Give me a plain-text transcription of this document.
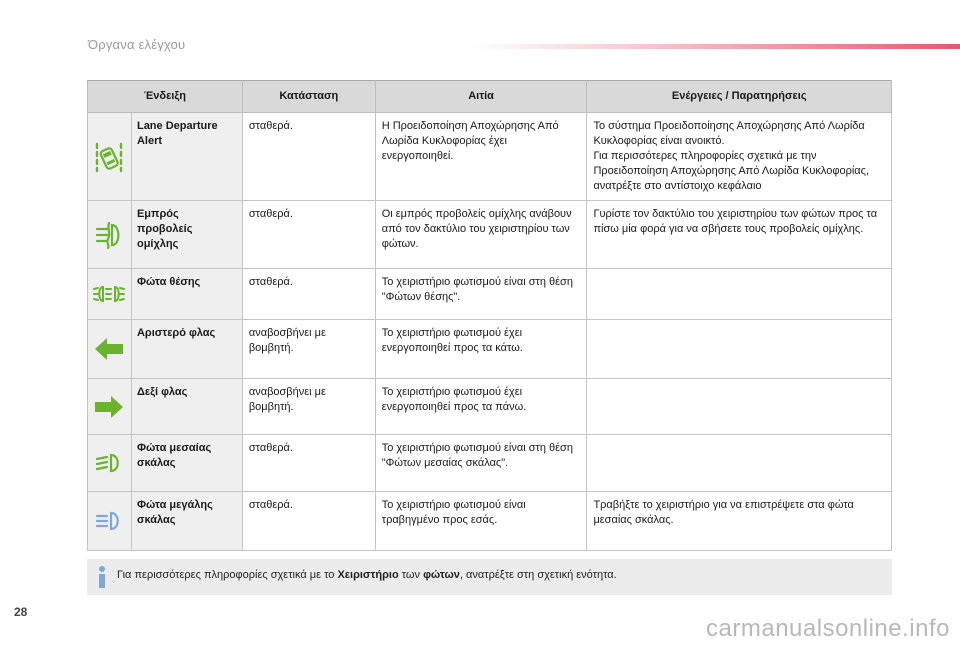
Όργανα ελέγχου
Ένδειξη		Κατάσταση	Αιτία	Ενέργειες / Παρατηρήσεις
	Lane Departure Alert	σταθερά.	Η Προειδοποίηση Αποχώρησης Από Λωρίδα Κυκλοφορίας έχει ενεργοποιηθεί.	Το σύστημα Προειδοποίησης Αποχώρησης Από Λωρίδα Κυκλοφορίας είναι ανοικτό.
Για περισσότερες πληροφορίες σχετικά με την Προειδοποίηση Αποχώρησης Από Λωρίδα Κυκλοφορίας, ανατρέξτε στο αντίστοιχο κεφάλαιο
	Εμπρός προβολείς ομίχλης	σταθερά.	Οι εμπρός προβολείς ομίχλης ανάβουν από τον δακτύλιο του χειριστηρίου των φώτων.	Γυρίστε τον δακτύλιο του χειριστηρίου των φώτων προς τα πίσω μία φορά για να σβήσετε τους προβολείς ομίχλης.
	Φώτα θέσης	σταθερά.	Το χειριστήριο φωτισμού είναι στη θέση "Φώτων θέσης".	
	Αριστερό φλας	αναβοσβήνει με βομβητή.	Το χειριστήριο φωτισμού έχει ενεργοποιηθεί προς τα κάτω.	
	Δεξί φλας	αναβοσβήνει με βομβητή.	Το χειριστήριο φωτισμού έχει ενεργοποιηθεί προς τα πάνω.	
	Φώτα μεσαίας σκάλας	σταθερά.	Το χειριστήριο φωτισμού είναι στη θέση "Φώτων μεσαίας σκάλας".	
	Φώτα μεγάλης σκάλας	σταθερά.	Το χειριστήριο φωτισμού είναι τραβηγμένο προς εσάς.	Τραβήξτε το χειριστήριο για να επιστρέψετε στα φώτα μεσαίας σκάλας.
Για περισσότερες πληροφορίες σχετικά με το Χειριστήριο των φώτων, ανατρέξτε στη σχετική ενότητα.
28
carmanualsonline.info
